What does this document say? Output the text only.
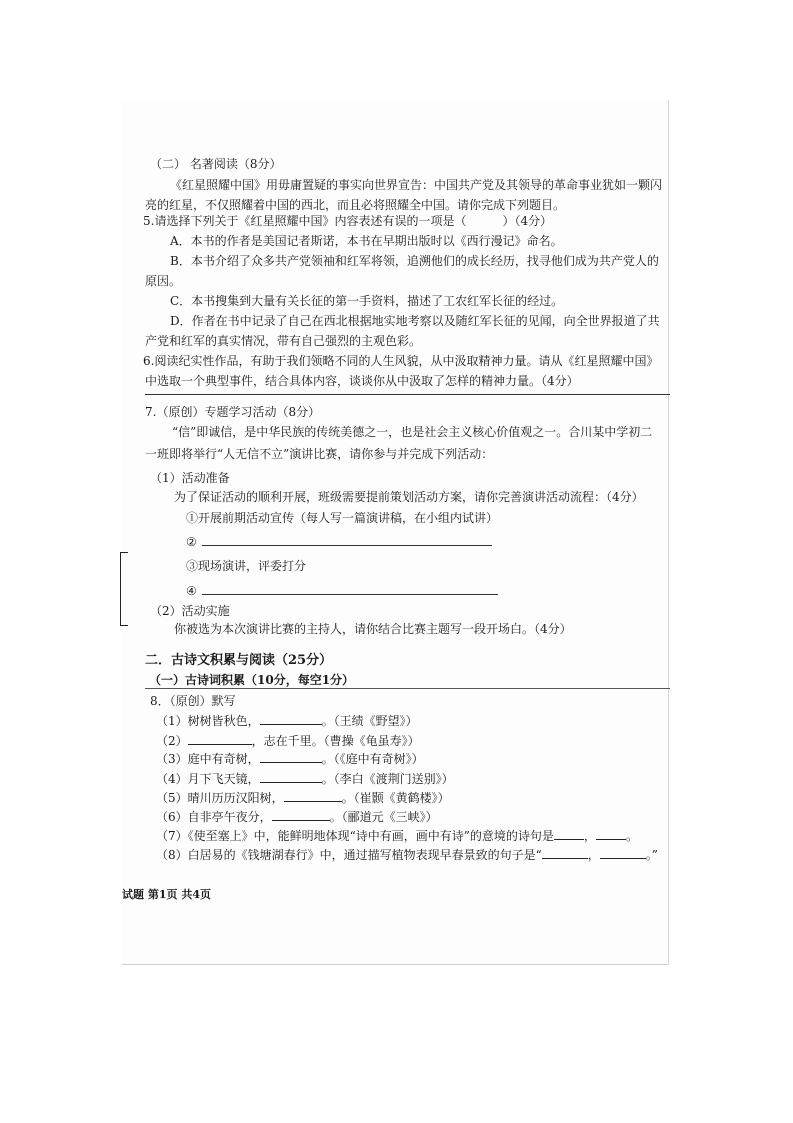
（二） 名著阅读（8分）
《红星照耀中国》用毋庸置疑的事实向世界宣告：中国共产党及其领导的革命事业犹如一颗闪
亮的红星，不仅照耀着中国的西北，而且必将照耀全中国。请你完成下列题目。
5.请选择下列关于《红星照耀中国》内容表述有误的一项是（　　　）（4分）
A．本书的作者是美国记者斯诺，本书在早期出版时以《西行漫记》命名。
B．本书介绍了众多共产党领袖和红军将领，追溯他们的成长经历，找寻他们成为共产党人的
原因。
C．本书搜集到大量有关长征的第一手资料，描述了工农红军长征的经过。
D．作者在书中记录了自己在西北根据地实地考察以及随红军长征的见闻，向全世界报道了共
产党和红军的真实情况，带有自己强烈的主观色彩。
6.阅读纪实性作品，有助于我们领略不同的人生风貌，从中汲取精神力量。请从《红星照耀中国》
中选取一个典型事件，结合具体内容，谈谈你从中汲取了怎样的精神力量。（4分）
7.（原创）专题学习活动（8分）
“信”即诚信，是中华民族的传统美德之一，也是社会主义核心价值观之一。合川某中学初二
一班即将举行“人无信不立”演讲比赛，请你参与并完成下列活动：
（1）活动准备
为了保证活动的顺利开展，班级需要提前策划活动方案，请你完善演讲活动流程：（4分）
①开展前期活动宣传（每人写一篇演讲稿，在小组内试讲）
②
③现场演讲，评委打分
④
（2）活动实施
你被选为本次演讲比赛的主持人，请你结合比赛主题写一段开场白。（4分）
二．古诗文积累与阅读（25分）
（一）古诗词积累（10分，每空1分）
8．（原创）默写
（1）树树皆秋色，	。（王绩《野望》）
（2）	，志在千里。（曹操《龟虽寿》）
（3）庭中有奇树，	。（《庭中有奇树》）
（4）月下飞天镜，	。（李白《渡荆门送别》）
（5）晴川历历汉阳树，	。（崔颢《黄鹤楼》）
（6）自非亭午夜分，	。（郦道元《三峡》）
（7）《使至塞上》中，能鲜明地体现“诗中有画，画中有诗”的意境的诗句是	，	。
（8）白居易的《钱塘湖春行》中，通过描写植物表现早春景致的句子是“	，	。”
试题 第1页 共4页
